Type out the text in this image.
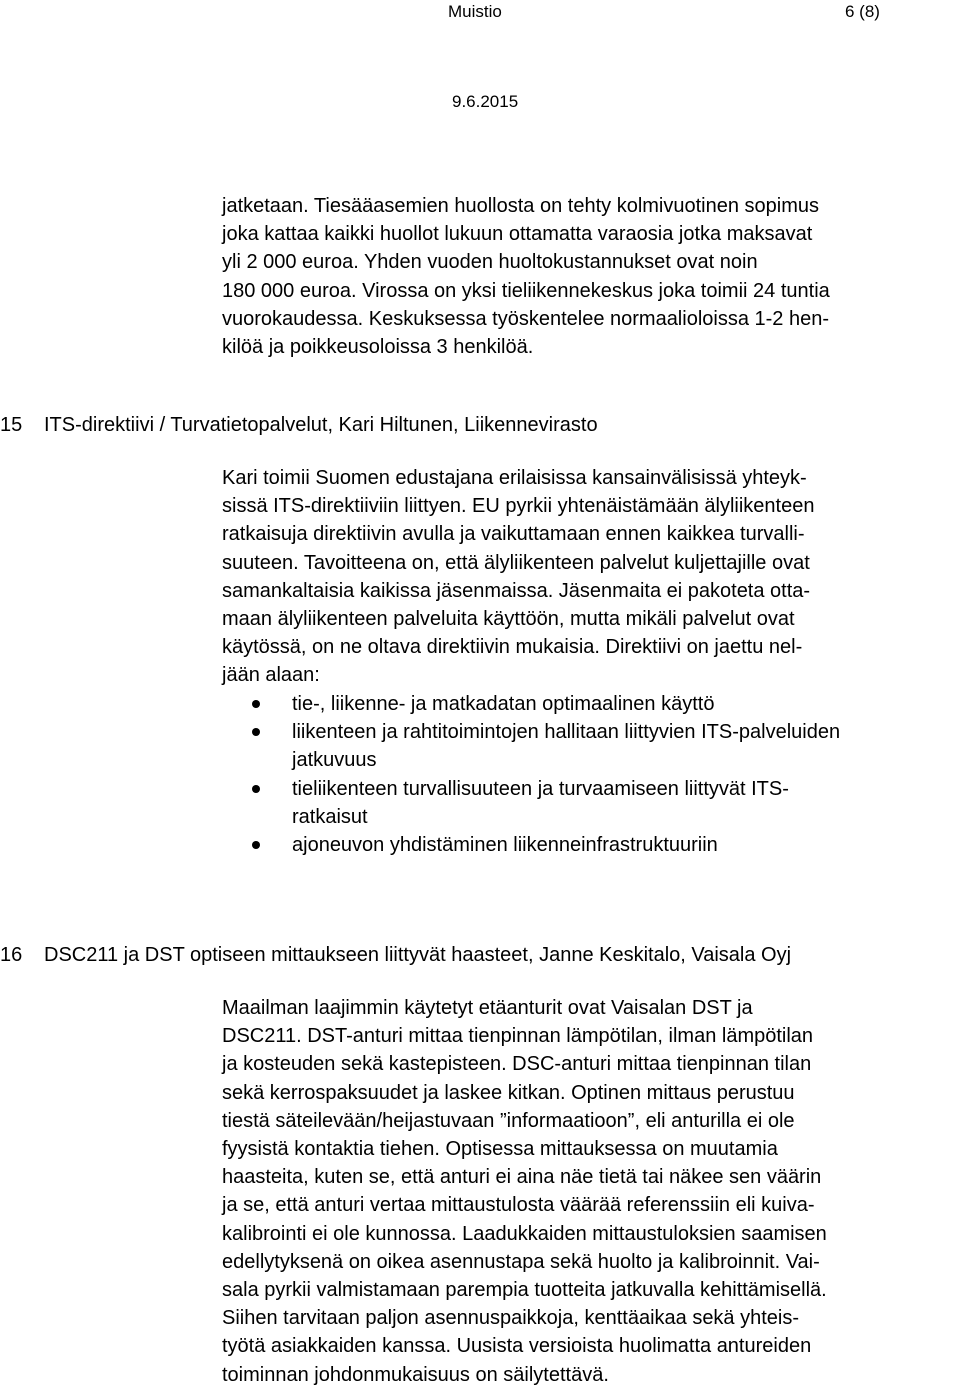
Muistio	6 (8)
9.6.2015
jatketaan. Tiesääasemien huollosta on tehty kolmivuotinen sopimus
joka kattaa kaikki huollot lukuun ottamatta varaosia jotka maksavat
yli 2 000 euroa. Yhden vuoden huoltokustannukset ovat noin
180 000 euroa. Virossa on yksi tieliikennekeskus joka toimii 24 tuntia
vuorokaudessa. Keskuksessa työskentelee normaalioloissa 1-2 hen-
kilöä ja poikkeusoloissa 3 henkilöä.
15 ITS-direktiivi / Turvatietopalvelut, Kari Hiltunen, Liikennevirasto
Kari toimii Suomen edustajana erilaisissa kansainvälisissä yhteyk-
sissä ITS-direktiiviin liittyen. EU pyrkii yhtenäistämään älyliikenteen
ratkaisuja direktiivin avulla ja vaikuttamaan ennen kaikkea turvalli-
suuteen. Tavoitteena on, että älyliikenteen palvelut kuljettajille ovat
samankaltaisia kaikissa jäsenmaissa. Jäsenmaita ei pakoteta otta-
maan älyliikenteen palveluita käyttöön, mutta mikäli palvelut ovat
käytössä, on ne oltava direktiivin mukaisia. Direktiivi on jaettu nel-
jään alaan:
tie-, liikenne- ja matkadatan optimaalinen käyttö
liikenteen ja rahtitoimintojen hallitaan liittyvien ITS-palveluiden
jatkuvuus
tieliikenteen turvallisuuteen ja turvaamiseen liittyvät ITS-
ratkaisut
ajoneuvon yhdistäminen liikenneinfrastruktuuriin
16 DSC211 ja DST optiseen mittaukseen liittyvät haasteet, Janne Keskitalo, Vaisala Oyj
Maailman laajimmin käytetyt etäanturit ovat Vaisalan DST ja
DSC211. DST-anturi mittaa tienpinnan lämpötilan, ilman lämpötilan
ja kosteuden sekä kastepisteen. DSC-anturi mittaa tienpinnan tilan
sekä kerrospaksuudet ja laskee kitkan. Optinen mittaus perustuu
tiestä säteilevään/heijastuvaan ”informaatioon”, eli anturilla ei ole
fyysistä kontaktia tiehen. Optisessa mittauksessa on muutamia
haasteita, kuten se, että anturi ei aina näe tietä tai näkee sen väärin
ja se, että anturi vertaa mittaustulosta väärää referenssiin eli kuiva-
kalibrointi ei ole kunnossa. Laadukkaiden mittaustuloksien saamisen
edellytyksenä on oikea asennustapa sekä huolto ja kalibroinnit. Vai-
sala pyrkii valmistamaan parempia tuotteita jatkuvalla kehittämisellä.
Siihen tarvitaan paljon asennuspaikkoja, kenttäaikaa sekä yhteis-
työtä asiakkaiden kanssa. Uusista versioista huolimatta antureiden
toiminnan johdonmukaisuus on säilytettävä.
